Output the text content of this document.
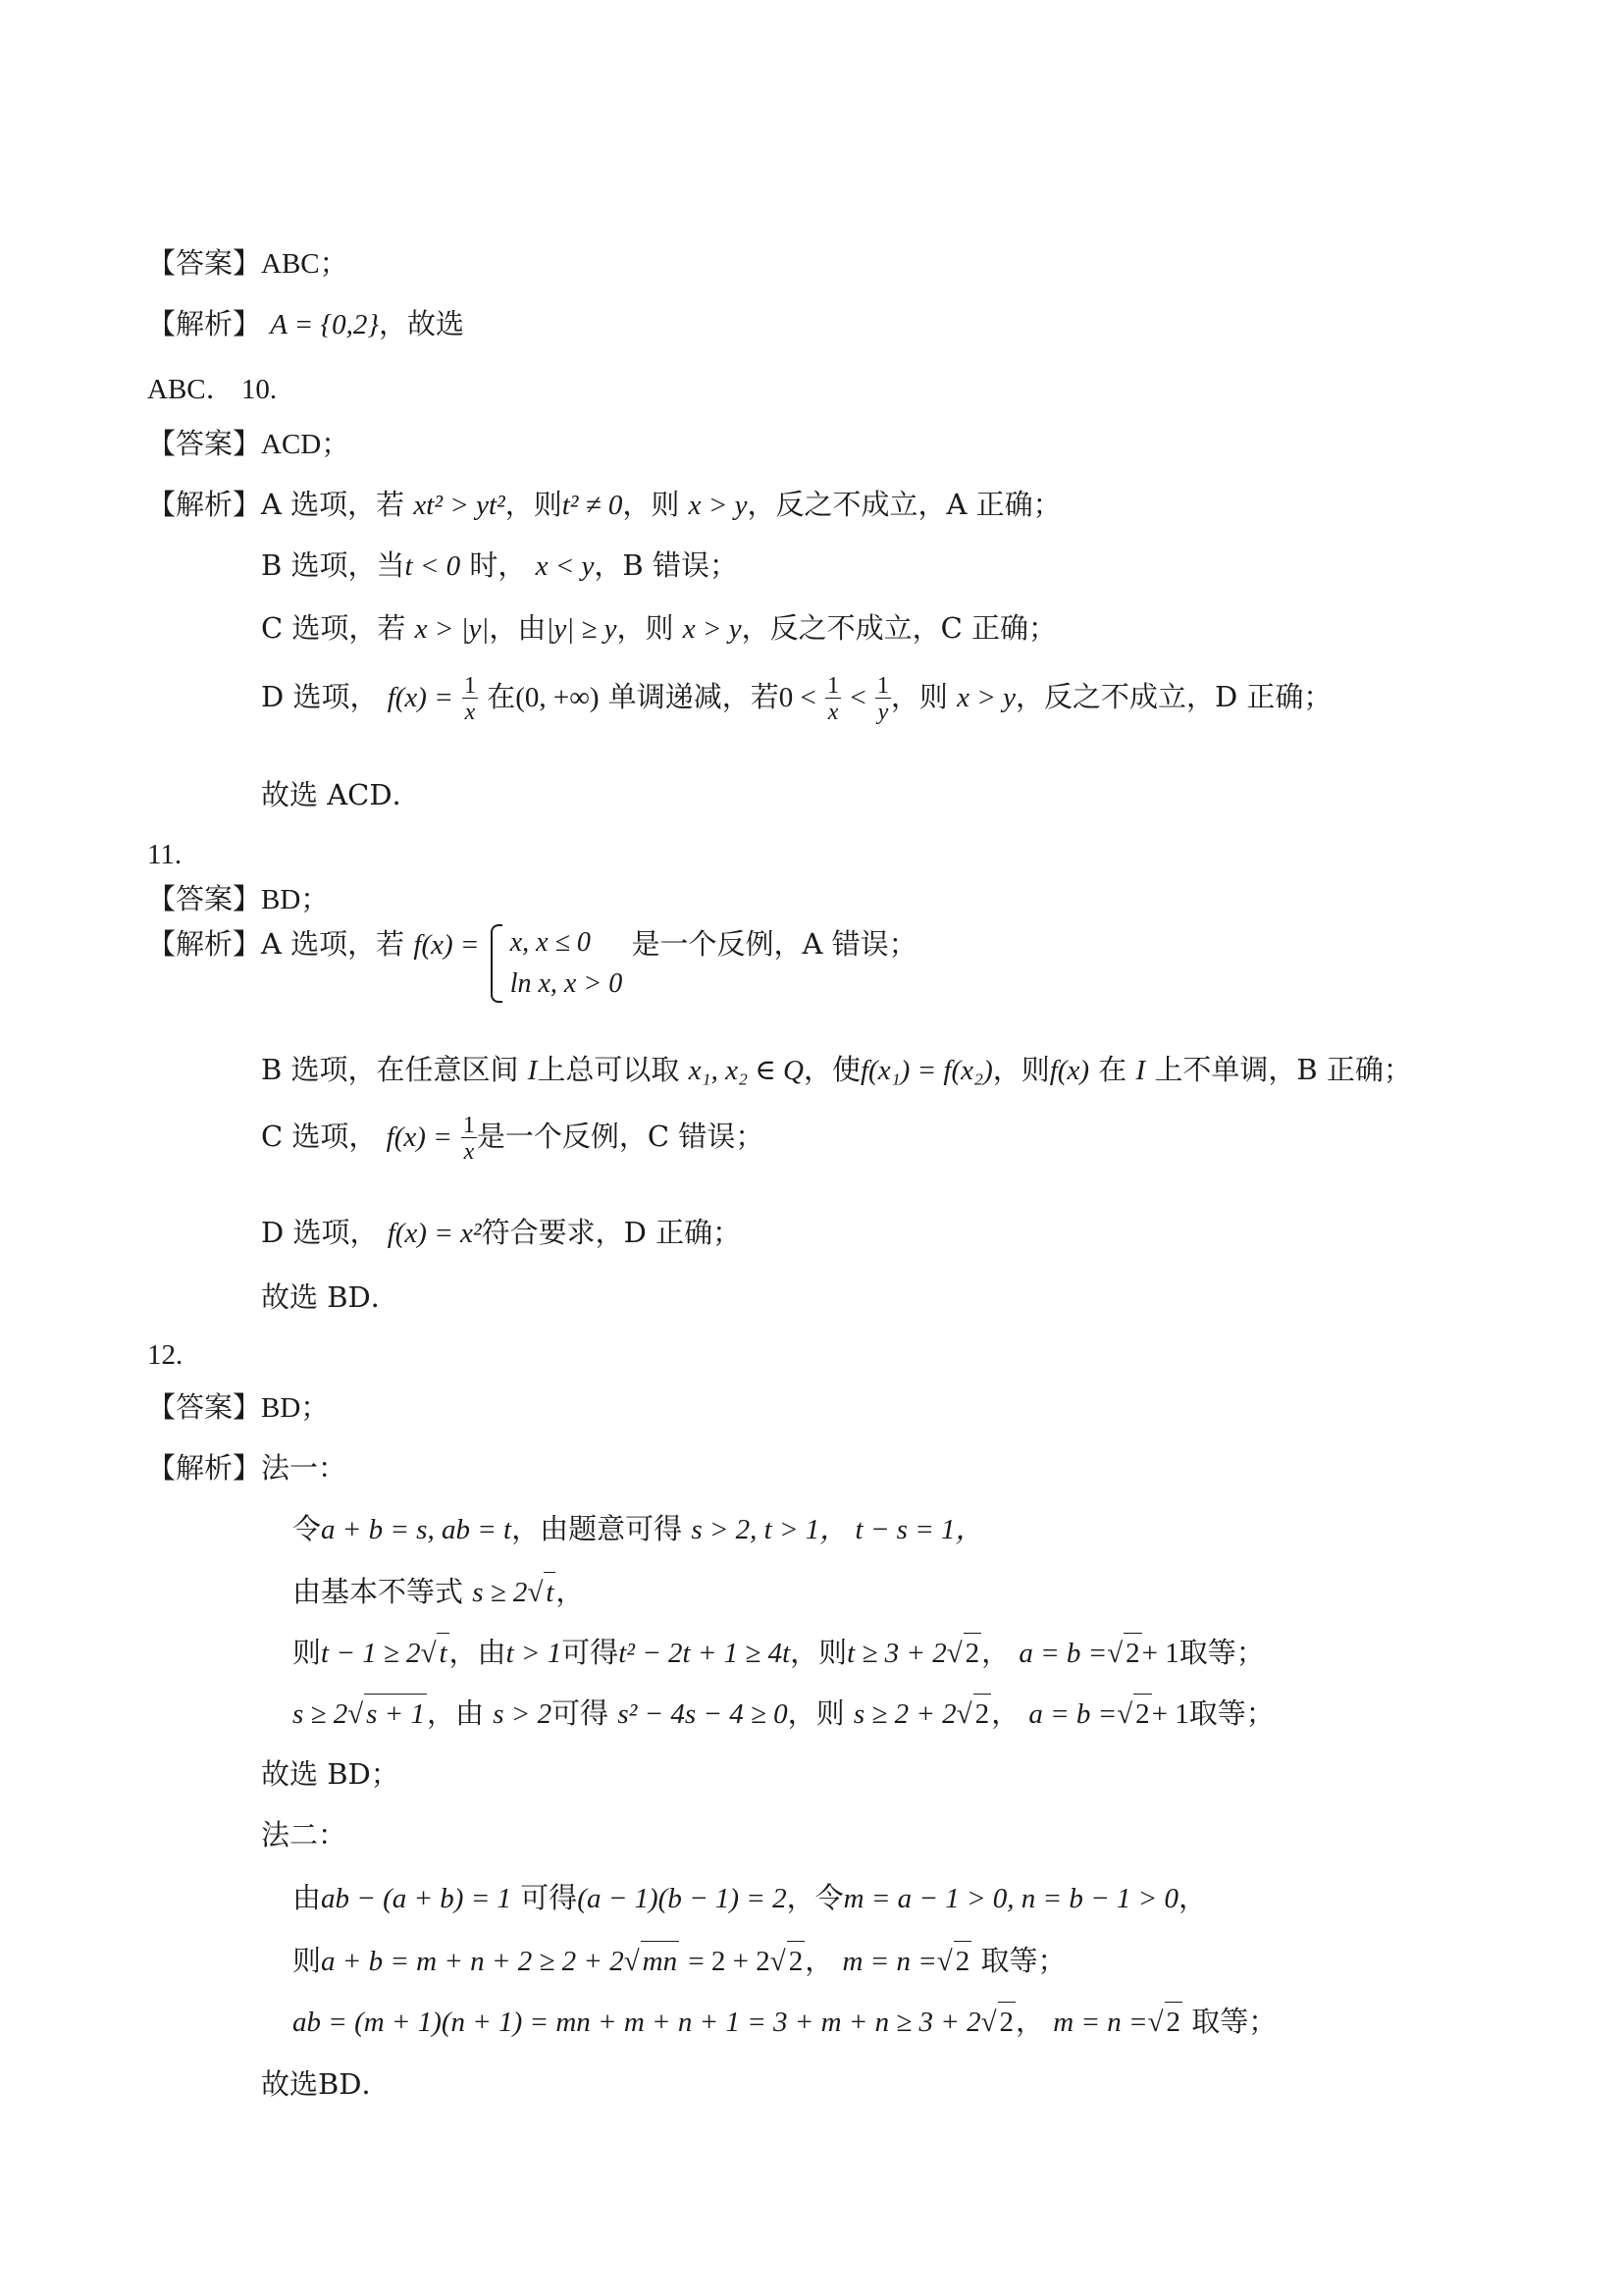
【答案】ABC；
【解析】 A = {0,2}，故选
ABC． 10.
【答案】ACD；
【解析】A 选项，若 xt² > yt²，则t² ≠ 0，则 x > y，反之不成立，A 正确；
B 选项，当t < 0 时， x < y，B 错误；
C 选项，若 x > |y|，由|y| ≥ y，则 x > y，反之不成立，C 正确；
D 选项， $f(x) = \frac{1}{x}$ 在(0, +∞) 单调递减，若$0 < \frac{1}{x} < \frac{1}{y}$ ，则 x > y，反之不成立，D 正确；
故选 ACD．
11.
【答案】BD；
【解析】A 选项，若 f(x) = x, x ≤ 0
ln x, x > 0
是一个反例，A 错误；
B 选项，在任意区间 I上总可以取 x₁, x₂ ∈ Q，使f(x₁) = f(x₂)，则f(x) 在 I 上不单调，B 正确；
C 选项， $f(x) = \frac{1}{x}$ 是一个反例，C 错误；
D 选项， f(x) = x²符合要求，D 正确；
故选 BD．
12.
【答案】BD；
【解析】法一：
令a + b = s, ab = t，由题意可得 s > 2, t > 1， t − s = 1，
由基本不等式 s ≥ 2√ t，
则t − 1 ≥ 2√ t，由t > 1可得t² − 2t + 1 ≥ 4t，则t ≥ 3 + 2√ 2， a = b =√ 2+ 1取等；
s ≥ 2√ s + 1，由 s > 2可得 s² − 4s − 4 ≥ 0，则 s ≥ 2 + 2√ 2， a = b =√ 2+ 1取等；
故选 BD；
法二：
由ab − (a + b) = 1 可得(a − 1)(b − 1) = 2，令m = a − 1 > 0, n = b − 1 > 0，
则a + b = m + n + 2 ≥ 2 + 2√ mn = 2 + 2√ 2， m = n =√ 2 取等；
ab = (m + 1)(n + 1) = mn + m + n + 1 = 3 + m + n ≥ 3 + 2√ 2， m = n =√ 2 取等；
故选BD．
